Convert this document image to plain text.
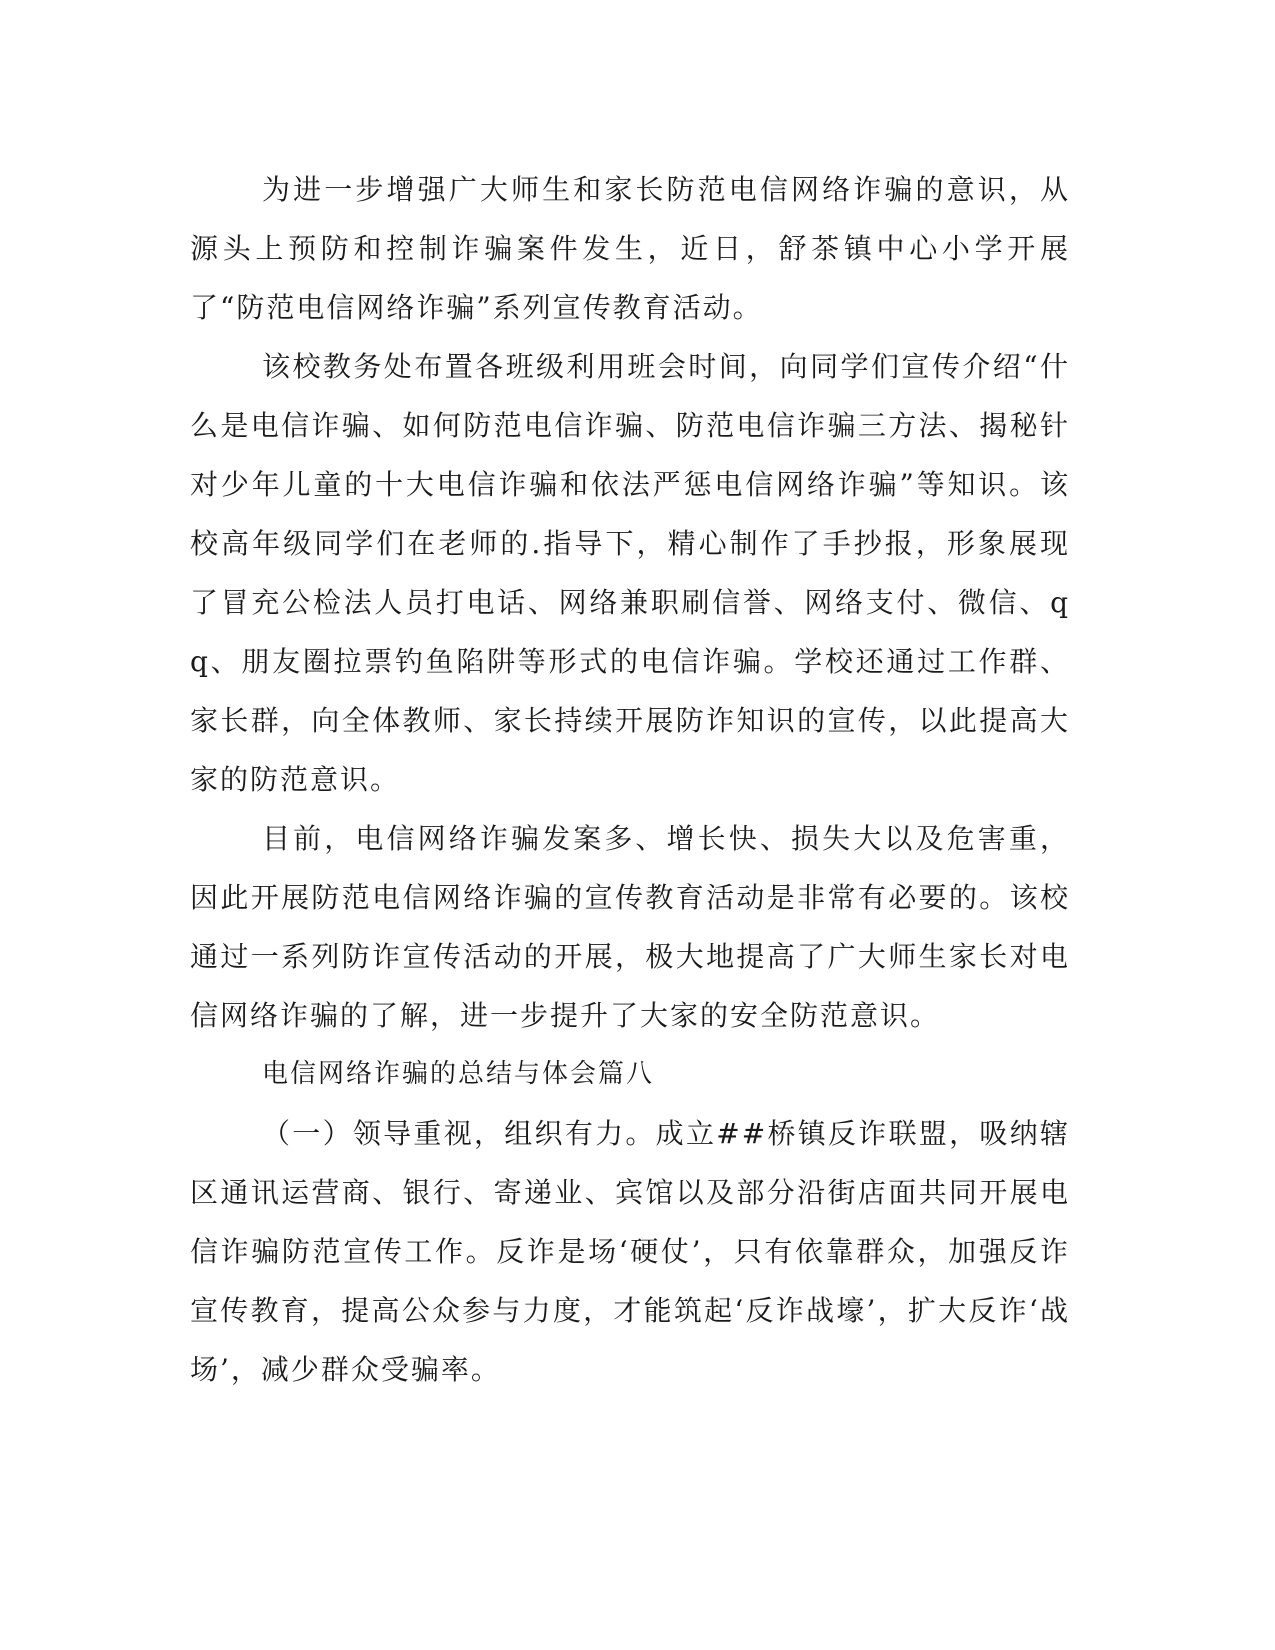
为进一步增强广大师生和家长防范电信网络诈骗的意识，从源头上预防和控制诈骗案件发生，近日，舒茶镇中心小学开展了“防范电信网络诈骗”系列宣传教育活动。

该校教务处布置各班级利用班会时间，向同学们宣传介绍“什么是电信诈骗、如何防范电信诈骗、防范电信诈骗三方法、揭秘针对少年儿童的十大电信诈骗和依法严惩电信网络诈骗”等知识。该校高年级同学们在老师的.指导下，精心制作了手抄报，形象展现了冒充公检法人员打电话、网络兼职刷信誉、网络支付、微信、qq、朋友圈拉票钓鱼陷阱等形式的电信诈骗。学校还通过工作群、家长群，向全体教师、家长持续开展防诈知识的宣传，以此提高大家的防范意识。

目前，电信网络诈骗发案多、增长快、损失大以及危害重，因此开展防范电信网络诈骗的宣传教育活动是非常有必要的。该校通过一系列防诈宣传活动的开展，极大地提高了广大师生家长对电信网络诈骗的了解，进一步提升了大家的安全防范意识。

电信网络诈骗的总结与体会篇八

（一）领导重视，组织有力。成立##桥镇反诈联盟，吸纳辖区通讯运营商、银行、寄递业、宾馆以及部分沿街店面共同开展电信诈骗防范宣传工作。反诈是场‘硬仗’，只有依靠群众，加强反诈宣传教育，提高公众参与力度，才能筑起‘反诈战壕’，扩大反诈‘战场’，减少群众受骗率。
